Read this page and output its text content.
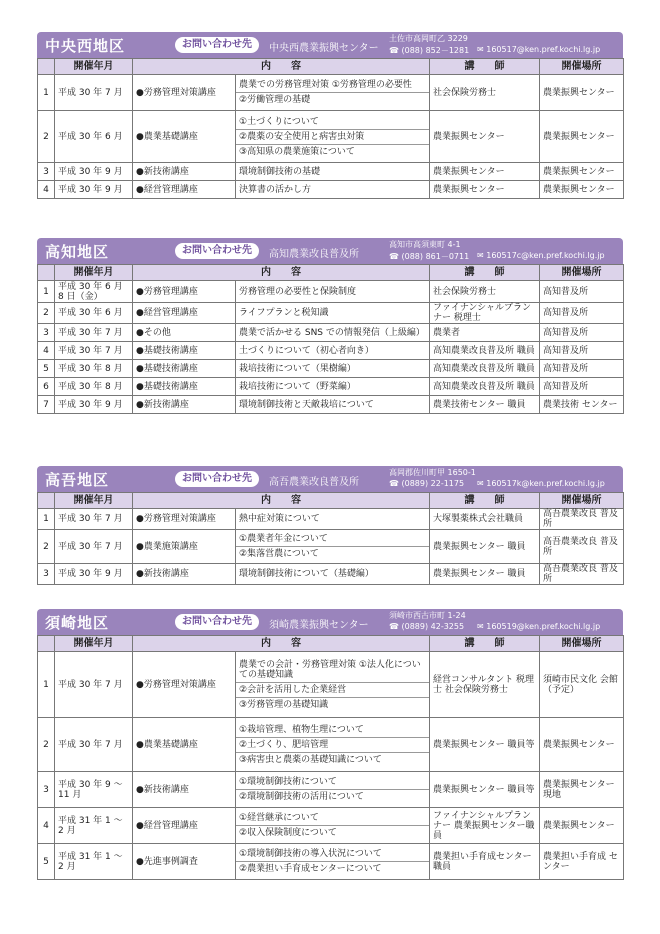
中央西地区	お問い合わせ先	中央西農業振興センター
土佐市高岡町乙 3229
☎ (088) 852－1281 ✉ 160517@ken.pref.kochi.lg.jp
	開催年月	内　　容		講　　師	開催場所
1	平成 30 年 7 月	●労務管理対策講座	農業での労務管理対策 ①労務管理の必要性
②労働管理の基礎	社会保険労務士	農業振興センター
2	平成 30 年 6 月	●農業基礎講座	①土づくりについて
②農薬の安全使用と病害虫対策
③高知県の農業施策について	農業振興センター	農業振興センター
3	平成 30 年 9 月	●新技術講座	環境制御技術の基礎	農業振興センター	農業振興センター
4	平成 30 年 9 月	●経営管理講座	決算書の活かし方	農業振興センター	農業振興センター
高知地区	お問い合わせ先	高知農業改良普及所
高知市高須東町 4-1
☎ (088) 861－0711 ✉ 160517c@ken.pref.kochi.lg.jp
	開催年月	内　　容		講　　師	開催場所
1	平成 30 年 6 月 8 日（金）	●労務管理講座	労務管理の必要性と保険制度	社会保険労務士	高知普及所
2	平成 30 年 6 月	●経営管理講座	ライフプランと税知識	ファイナンシャルプランナー 税理士	高知普及所
3	平成 30 年 7 月	●その他	農業で活かせる SNS での情報発信（上級編）	農業者	高知普及所
4	平成 30 年 7 月	●基礎技術講座	土づくりについて（初心者向き）	高知農業改良普及所 職員	高知普及所
5	平成 30 年 8 月	●基礎技術講座	栽培技術について（果樹編）	高知農業改良普及所 職員	高知普及所
6	平成 30 年 8 月	●基礎技術講座	栽培技術について（野菜編）	高知農業改良普及所 職員	高知普及所
7	平成 30 年 9 月	●新技術講座	環境制御技術と天敵栽培について	農業技術センター 職員	農業技術 センター
高吾地区	お問い合わせ先	高吾農業改良普及所
高岡郡佐川町甲 1650-1
☎ (0889) 22-1175 ✉ 160517k@ken.pref.kochi.lg.jp
	開催年月	内　　容		講　　師	開催場所
1	平成 30 年 7 月	●労務管理対策講座	熱中症対策について	大塚製薬株式会社職員	高吾農業改良 普及所
2	平成 30 年 7 月	●農業施策講座	①農業者年金について
②集落営農について	農業振興センター 職員	高吾農業改良 普及所
3	平成 30 年 9 月	●新技術講座	環境制御技術について（基礎編）	農業振興センター 職員	高吾農業改良 普及所
須崎地区	お問い合わせ先	須崎農業振興センター
須崎市西古市町 1-24
☎ (0889) 42-3255 ✉ 160519@ken.pref.kochi.lg.jp
	開催年月	内　　容		講　　師	開催場所
1	平成 30 年 7 月	●労務管理対策講座	農業での会計・労務管理対策 ①法人化についての基礎知識
②会計を活用した企業経営
③労務管理の基礎知識	経営コンサルタント 税理士 社会保険労務士	須崎市民文化 会館（予定）
2	平成 30 年 7 月	●農業基礎講座	①栽培管理、植物生理について
②土づくり、肥培管理
③病害虫と農薬の基礎知識について	農業振興センター 職員等	農業振興センター
3	平成 30 年 9 ～ 11 月	●新技術講座	①環境制御技術について
②環境制御技術の活用について	農業振興センター 職員等	農業振興センター 現地
4	平成 31 年 1 ～ 2 月	●経営管理講座	①経営継承について
②収入保険制度について	ファイナンシャルプランナー 農業振興センター職員	農業振興センター
5	平成 31 年 1 ～ 2 月	●先進事例調査	①環境制御技術の導入状況について
②農業担い手育成センターについて	農業担い手育成センター 職員	農業担い手育成 センター
